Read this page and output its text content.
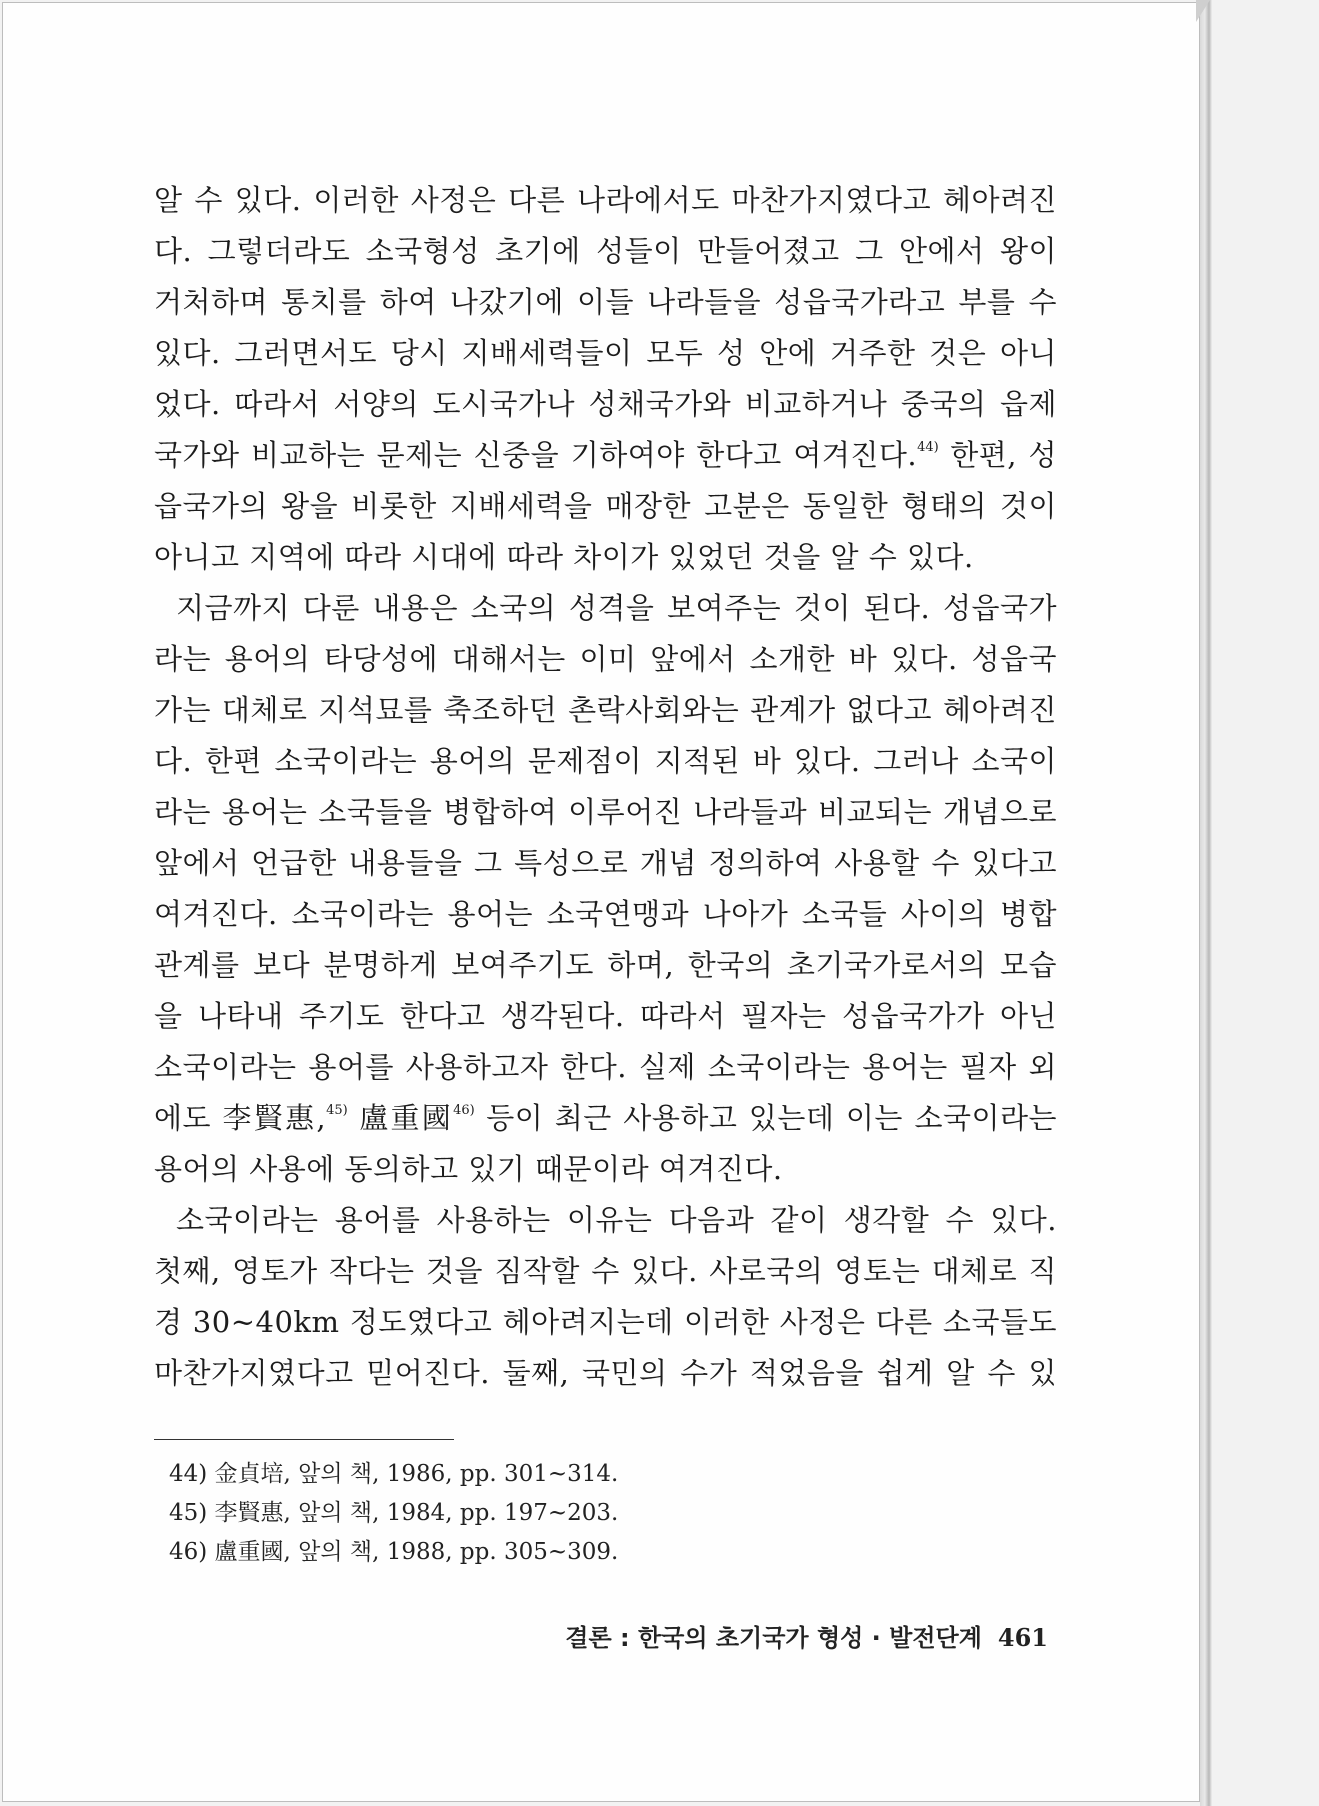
알 수 있다. 이러한 사정은 다른 나라에서도 마찬가지였다고 헤아려진
다. 그렇더라도 소국형성 초기에 성들이 만들어졌고 그 안에서 왕이
거처하며 통치를 하여 나갔기에 이들 나라들을 성읍국가라고 부를 수
있다. 그러면서도 당시 지배세력들이 모두 성 안에 거주한 것은 아니
었다. 따라서 서양의 도시국가나 성채국가와 비교하거나 중국의 읍제
국가와 비교하는 문제는 신중을 기하여야 한다고 여겨진다.$^{44)}$ 한편, 성
읍국가의 왕을 비롯한 지배세력을 매장한 고분은 동일한 형태의 것이
아니고 지역에 따라 시대에 따라 차이가 있었던 것을 알 수 있다.
지금까지 다룬 내용은 소국의 성격을 보여주는 것이 된다. 성읍국가
라는 용어의 타당성에 대해서는 이미 앞에서 소개한 바 있다. 성읍국
가는 대체로 지석묘를 축조하던 촌락사회와는 관계가 없다고 헤아려진
다. 한편 소국이라는 용어의 문제점이 지적된 바 있다. 그러나 소국이
라는 용어는 소국들을 병합하여 이루어진 나라들과 비교되는 개념으로
앞에서 언급한 내용들을 그 특성으로 개념 정의하여 사용할 수 있다고
여겨진다. 소국이라는 용어는 소국연맹과 나아가 소국들 사이의 병합
관계를 보다 분명하게 보여주기도 하며, 한국의 초기국가로서의 모습
을 나타내 주기도 한다고 생각된다. 따라서 필자는 성읍국가가 아닌
소국이라는 용어를 사용하고자 한다. 실제 소국이라는 용어는 필자 외
에도 李賢惠,$^{45)}$ 盧重國$^{46)}$ 등이 최근 사용하고 있는데 이는 소국이라는
용어의 사용에 동의하고 있기 때문이라 여겨진다.
소국이라는 용어를 사용하는 이유는 다음과 같이 생각할 수 있다.
첫째, 영토가 작다는 것을 짐작할 수 있다. 사로국의 영토는 대체로 직
경 30~40km 정도였다고 헤아려지는데 이러한 사정은 다른 소국들도
마찬가지였다고 믿어진다. 둘째, 국민의 수가 적었음을 쉽게 알 수 있
44) 金貞培, 앞의 책, 1986, pp. 301~314.
45) 李賢惠, 앞의 책, 1984, pp. 197~203.
46) 盧重國, 앞의 책, 1988, pp. 305~309.
결론 : 한국의 초기국가 형성 · 발전단계 461
